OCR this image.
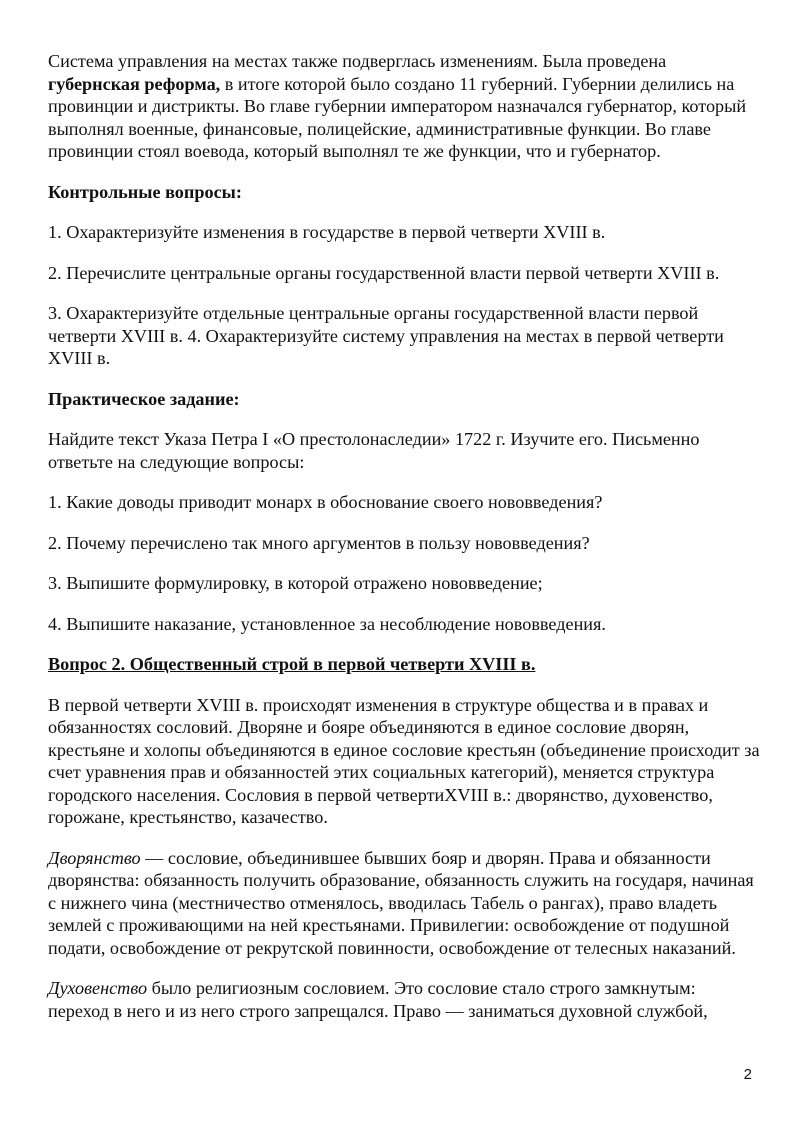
Система управления на местах также подверглась изменениям. Была проведена губернская реформа, в итоге которой было создано 11 губерний. Губернии делились на провинции и дистрикты. Во главе губернии императором назначался губернатор, который выполнял военные, финансовые, полицейские, административные функции. Во главе провинции стоял воевода, который выполнял те же функции, что и губернатор.

Контрольные вопросы:

1. Охарактеризуйте изменения в государстве в первой четверти XVIII в.

2. Перечислите центральные органы государственной власти первой четверти XVIII в.

3. Охарактеризуйте отдельные центральные органы государственной власти первой четверти XVIII в. 4. Охарактеризуйте систему управления на местах в первой четверти XVIII в.

Практическое задание:

Найдите текст Указа Петра I «О престолонаследии» 1722 г. Изучите его. Письменно ответьте на следующие вопросы:

1. Какие доводы приводит монарх в обоснование своего нововведения?

2. Почему перечислено так много аргументов в пользу нововведения?

3. Выпишите формулировку, в которой отражено нововведение;

4. Выпишите наказание, установленное за несоблюдение нововведения.

Вопрос 2. Общественный строй в первой четверти XVIII в.

В первой четверти XVIII в. происходят изменения в структуре общества и в правах и обязанностях сословий. Дворяне и бояре объединяются в единое сословие дворян, крестьяне и холопы объединяются в единое сословие крестьян (объединение происходит за счет уравнения прав и обязанностей этих социальных категорий), меняется структура городского населения. Сословия в первой четвертиXVIII в.: дворянство, духовенство, горожане, крестьянство, казачество.

Дворянство — сословие, объединившее бывших бояр и дворян. Права и обязанности дворянства: обязанность получить образование, обязанность служить на государя, начиная с нижнего чина (местничество отменялось, вводилась Табель о рангах), право владеть землей с проживающими на ней крестьянами. Привилегии: освобождение от подушной подати, освобождение от рекрутской повинности, освобождение от телесных наказаний.

Духовенство было религиозным сословием. Это сословие стало строго замкнутым: переход в него и из него строго запрещался. Право — заниматься духовной службой,

2
